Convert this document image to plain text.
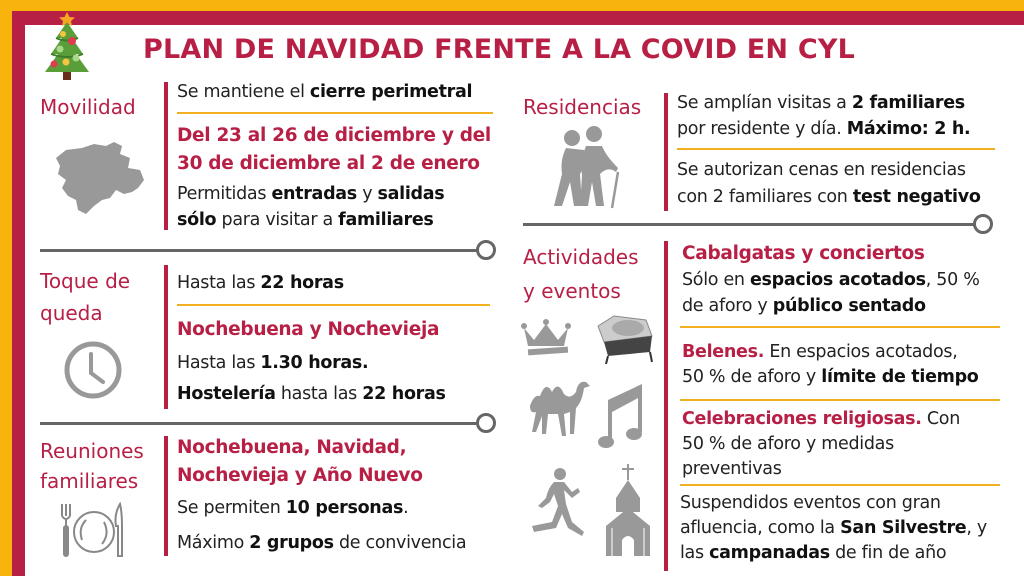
PLAN DE NAVIDAD FRENTE A LA COVID EN CYL
Movilidad
Se mantiene el cierre perimetral
Del 23 al 26 de diciembre y del
30 de diciembre al 2 de enero
Permitidas entradas y salidas
sólo para visitar a familiares
Toque de
queda
Hasta las 22 horas
Nochebuena y Nochevieja
Hasta las 1.30 horas.
Hostelería hasta las 22 horas
Reuniones
familiares
Nochebuena, Navidad,
Nochevieja y Año Nuevo
Se permiten 10 personas.
Máximo 2 grupos de convivencia
Residencias Se amplían visitas a 2 familiares
por residente y día. Máximo: 2 h.
Se autorizan cenas en residencias
con 2 familiares con test negativo
Actividades
y eventos
Cabalgatas y conciertos
Sólo en espacios acotados, 50 %
de aforo y público sentado
Belenes. En espacios acotados,
50 % de aforo y límite de tiempo
Celebraciones religiosas. Con
50 % de aforo y medidas
preventivas
Suspendidos eventos con gran
afluencia, como la San Silvestre, y
las campanadas de fin de año
